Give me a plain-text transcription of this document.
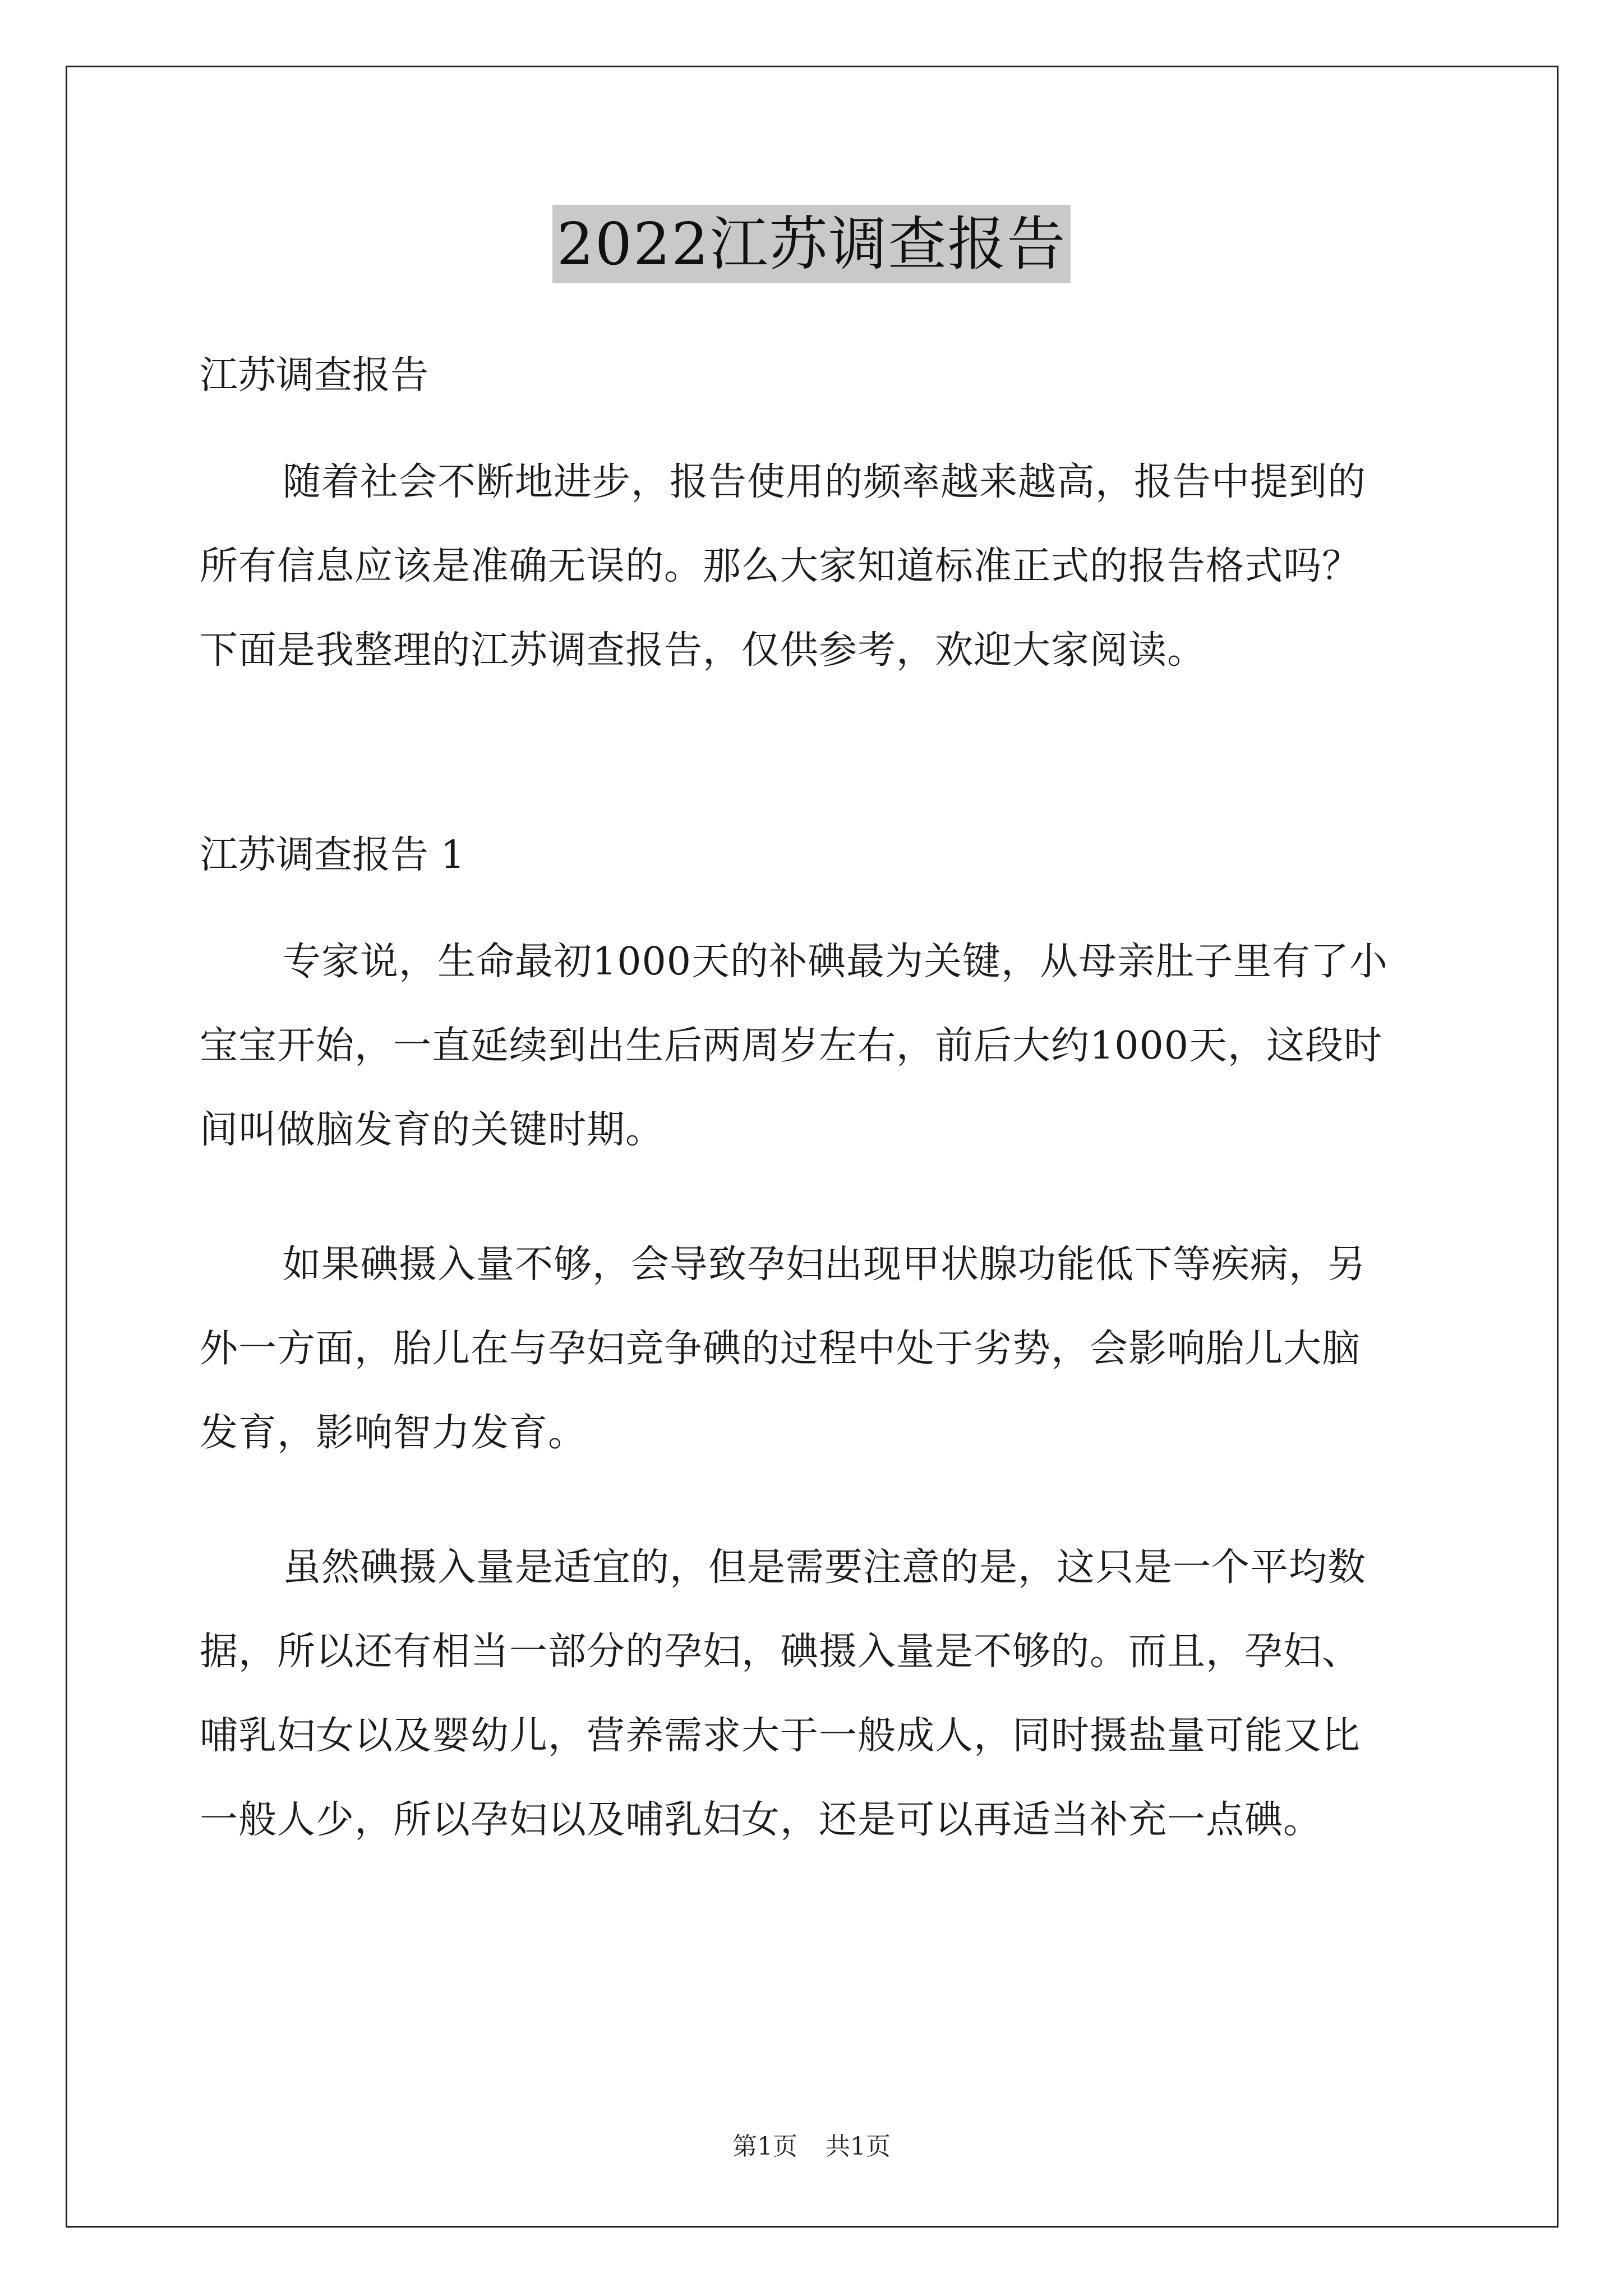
2022江苏调查报告
江苏调查报告
随着社会不断地进步，报告使用的频率越来越高，报告中提到的
所有信息应该是准确无误的。那么大家知道标准正式的报告格式吗？
下面是我整理的江苏调查报告，仅供参考，欢迎大家阅读。
江苏调查报告 1
专家说，生命最初1000天的补碘最为关键，从母亲肚子里有了小
宝宝开始，一直延续到出生后两周岁左右，前后大约1000天，这段时
间叫做脑发育的关键时期。
如果碘摄入量不够，会导致孕妇出现甲状腺功能低下等疾病，另
外一方面，胎儿在与孕妇竞争碘的过程中处于劣势，会影响胎儿大脑
发育，影响智力发育。
虽然碘摄入量是适宜的，但是需要注意的是，这只是一个平均数
据，所以还有相当一部分的孕妇，碘摄入量是不够的。而且，孕妇、
哺乳妇女以及婴幼儿，营养需求大于一般成人，同时摄盐量可能又比
一般人少，所以孕妇以及哺乳妇女，还是可以再适当补充一点碘。
第1页 共1页
